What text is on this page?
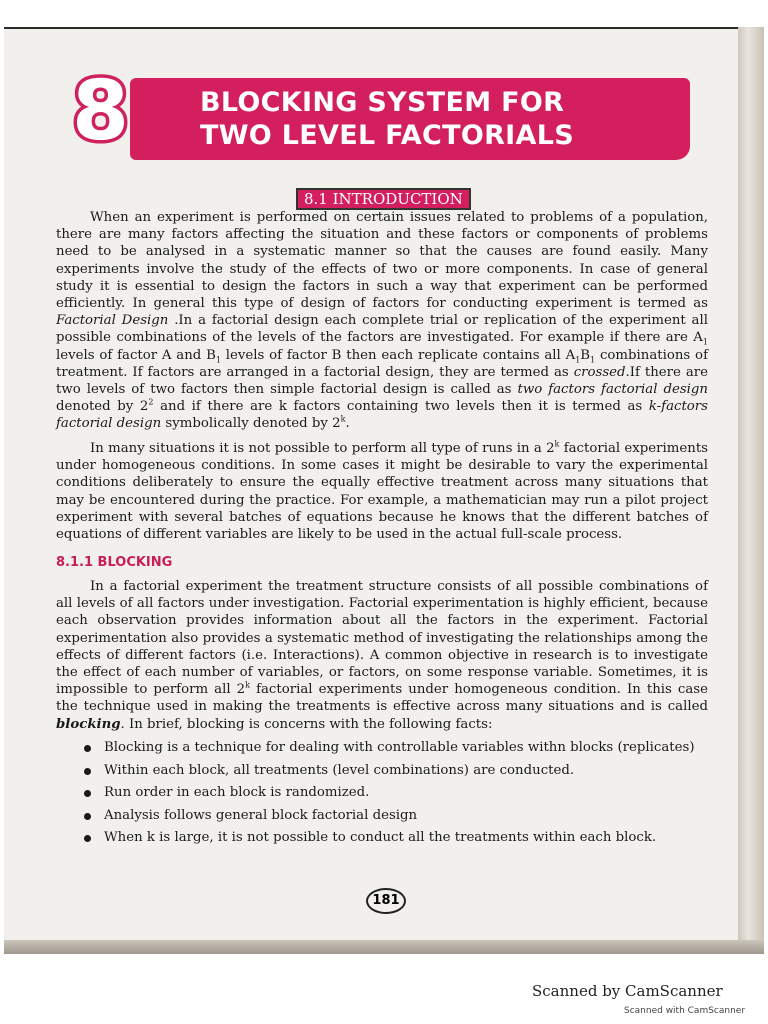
BLOCKING SYSTEM FOR
TWO LEVEL FACTORIALS
8
8.1 INTRODUCTION
When an experiment is performed on certain issues related to problems of a population, there are many factors affecting the situation and these factors or components of problems need to be analysed in a systematic manner so that the causes are found easily. Many experiments involve the study of the effects of two or more components. In case of general study it is essential to design the factors in such a way that experiment can be performed efficiently. In general this type of design of factors for conducting experiment is termed as Factorial Design .In a factorial design each complete trial or replication of the experiment all possible combinations of the levels of the factors are investigated. For example if there are $A_1$ levels of factor A and $B_1$ levels of factor B then each replicate contains all $A_1B_1$ combinations of treatment. If factors are arranged in a factorial design, they are termed as crossed.If there are two levels of two factors then simple factorial design is called as two factors factorial design denoted by $2^2$ and if there are k factors containing two levels then it is termed as k-factors factorial design symbolically denoted by 2$^k$.
In many situations it is not possible to perform all type of runs in a 2$^k$ factorial experiments under homogeneous conditions. In some cases it might be desirable to vary the experimental conditions deliberately to ensure the equally effective treatment across many situations that may be encountered during the practice. For example, a mathematician may run a pilot project experiment with several batches of equations because he knows that the different batches of equations of different variables are likely to be used in the actual full-scale process.
8.1.1 BLOCKING
In a factorial experiment the treatment structure consists of all possible combinations of all levels of all factors under investigation. Factorial experimentation is highly efficient, because each observation provides information about all the factors in the experiment. Factorial experimentation also provides a systematic method of investigating the relationships among the effects of different factors (i.e. Interactions). A common objective in research is to investigate the effect of each number of variables, or factors, on some response variable. Sometimes, it is impossible to perform all 2$^k$ factorial experiments under homogeneous condition. In this case the technique used in making the treatments is effective across many situations and is called blocking. In brief, blocking is concerns with the following facts:
Blocking is a technique for dealing with controllable variables withn blocks (replicates)
Within each block, all treatments (level combinations) are conducted.
Run order in each block is randomized.
Analysis follows general block factorial design
When k is large, it is not possible to conduct all the treatments within each block.
181
Scanned by CamScanner
Scanned with CamScanner
